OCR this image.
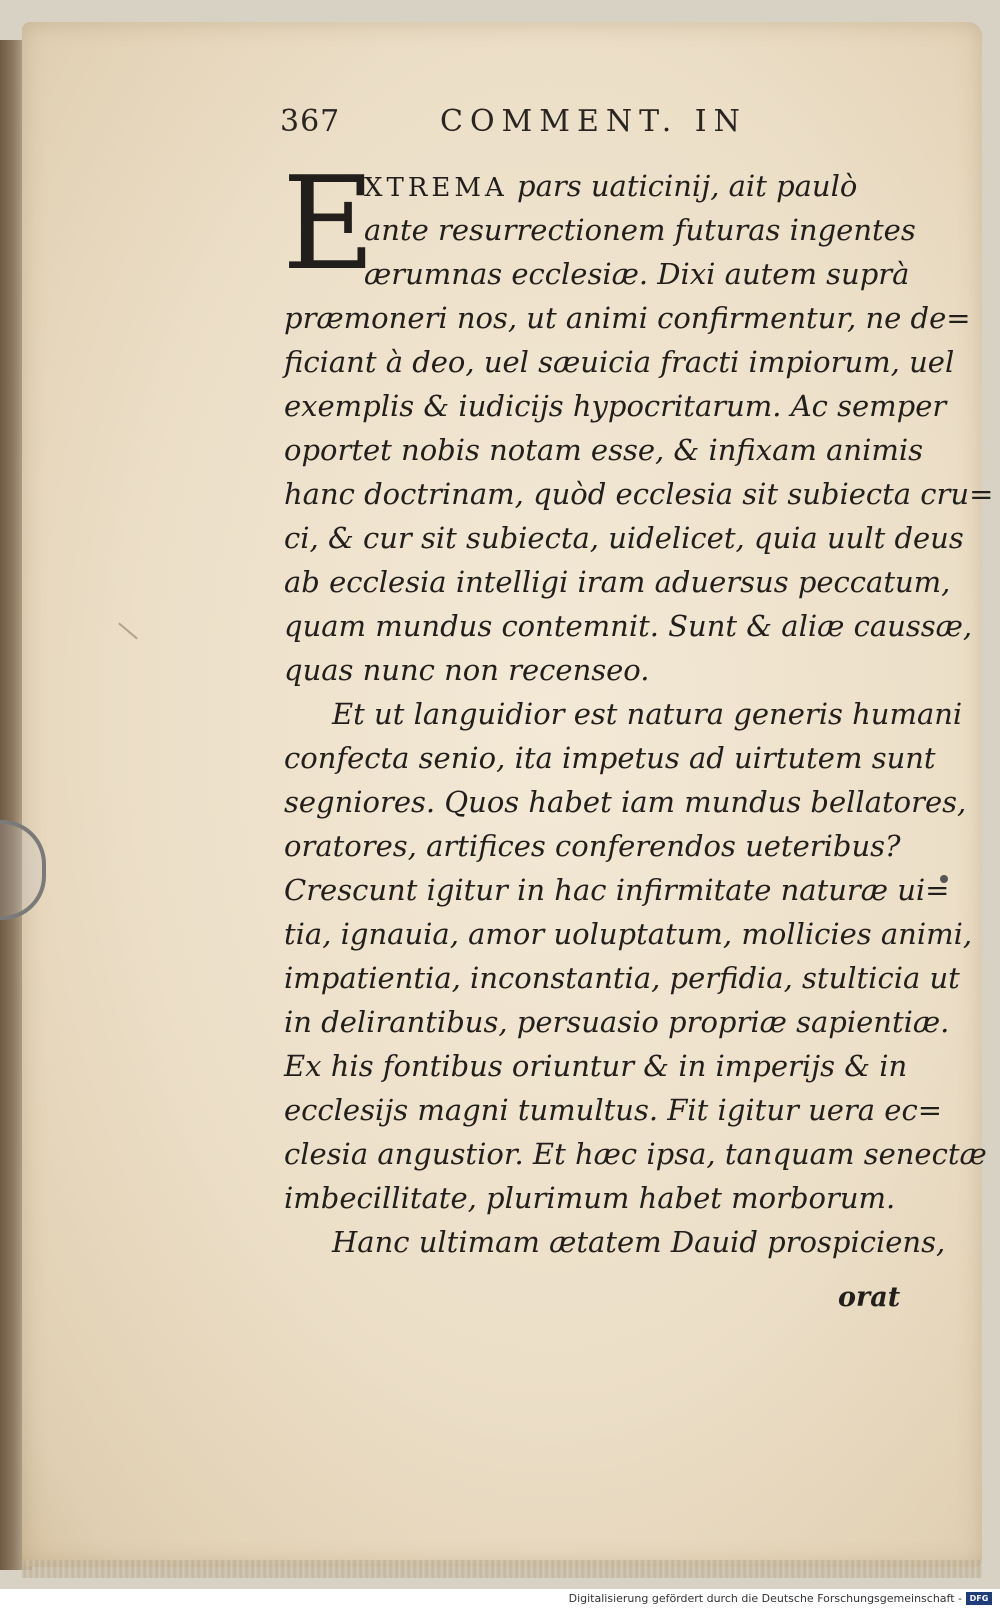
367	COMMENT. IN
E
XTREMA pars uaticinij, ait paulò
ante resurrectionem futuras ingentes
ærumnas ecclesiæ. Dixi autem suprà
præmoneri nos, ut animi confirmentur, ne de=
ficiant à deo, uel sæuicia fracti impiorum, uel
exemplis & iudicijs hypocritarum. Ac semper
oportet nobis notam esse, & infixam animis
hanc doctrinam, quòd ecclesia sit subiecta cru=
ci, & cur sit subiecta, uidelicet, quia uult deus
ab ecclesia intelligi iram aduersus peccatum,
quam mundus contemnit. Sunt & aliæ caussæ,
quas nunc non recenseo.
Et ut languidior est natura generis humani
confecta senio, ita impetus ad uirtutem sunt
segniores. Quos habet iam mundus bellatores,
oratores, artifices conferendos ueteribus?
Crescunt igitur in hac infirmitate naturæ ui=
tia, ignauia, amor uoluptatum, mollicies animi,
impatientia, inconstantia, perfidia, stulticia ut
in delirantibus, persuasio propriæ sapientiæ.
Ex his fontibus oriuntur & in imperijs & in
ecclesijs magni tumultus. Fit igitur uera ec=
clesia angustior. Et hæc ipsa, tanquam senectæ
imbecillitate, plurimum habet morborum.
Hanc ultimam ætatem Dauid prospiciens,
orat
Digitalisierung gefördert durch die Deutsche Forschungsgemeinschaft - DFG
